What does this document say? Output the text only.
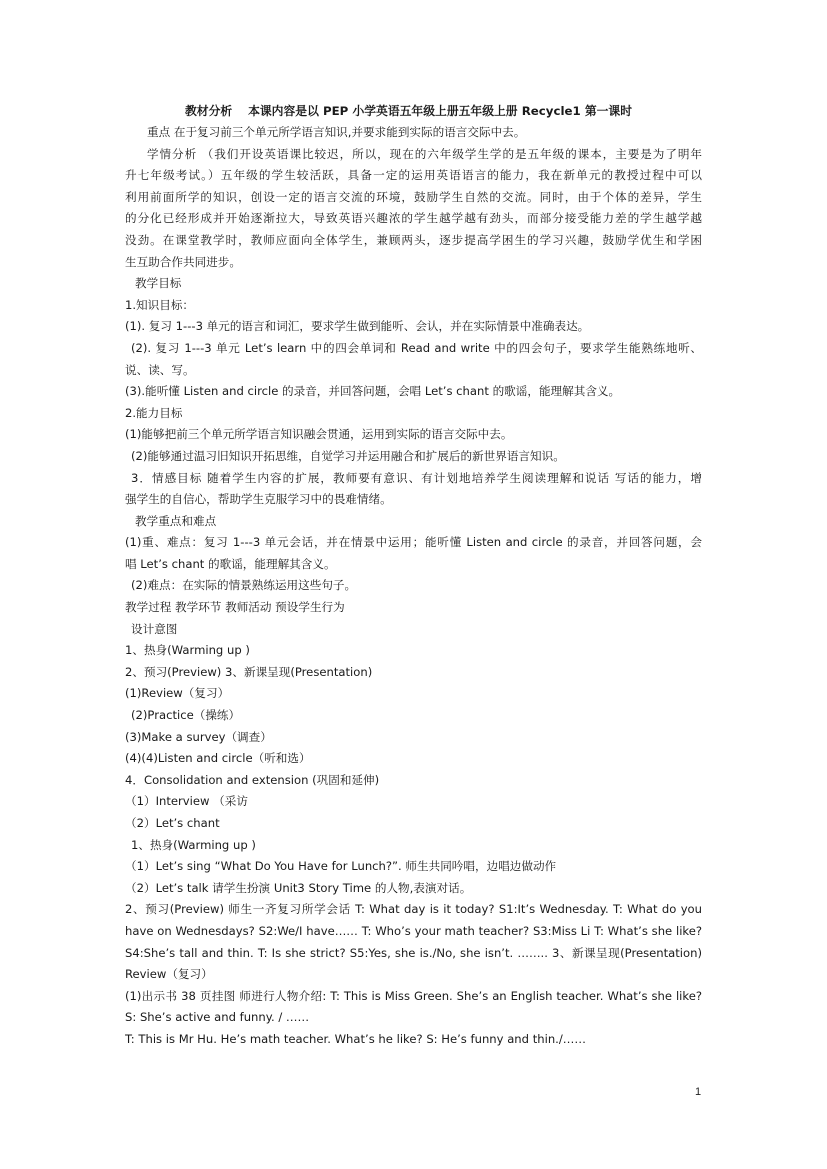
教材分析　 本课内容是以 PEP 小学英语五年级上册五年级上册 Recycle1 第一课时
重点 在于复习前三个单元所学语言知识,并要求能到实际的语言交际中去。
学情分析 （我们开设英语课比较迟，所以，现在的六年级学生学的是五年级的课本，主要是为了明年
升七年级考试。）五年级的学生较活跃，具备一定的运用英语语言的能力，我在新单元的教授过程中可以
利用前面所学的知识，创设一定的语言交流的环境，鼓励学生自然的交流。同时，由于个体的差异，学生
的分化已经形成并开始逐渐拉大，导致英语兴趣浓的学生越学越有劲头，而部分接受能力差的学生越学越
没劲。在课堂教学时，教师应面向全体学生，兼顾两头，逐步提高学困生的学习兴趣，鼓励学优生和学困
生互助合作共同进步。
教学目标
1.知识目标：
(1). 复习 1---3 单元的语言和词汇，要求学生做到能听、会认，并在实际情景中准确表达。
(2). 复习 1---3 单元 Let’s learn 中的四会单词和 Read and write 中的四会句子，要求学生能熟练地听、
说、读、写。
(3).能听懂 Listen and circle 的录音，并回答问题，会唱 Let’s chant 的歌谣，能理解其含义。
2.能力目标
(1)能够把前三个单元所学语言知识融会贯通，运用到实际的语言交际中去。
(2)能够通过温习旧知识开拓思维，自觉学习并运用融合和扩展后的新世界语言知识。
3．情感目标 随着学生内容的扩展，教师要有意识、有计划地培养学生阅读理解和说话 写话的能力，增
强学生的自信心，帮助学生克服学习中的畏难情绪。
教学重点和难点
(1)重、难点：复习 1---3 单元会话，并在情景中运用；能听懂 Listen and circle 的录音，并回答问题，会
唱 Let’s chant 的歌谣，能理解其含义。
(2)难点：在实际的情景熟练运用这些句子。
教学过程 教学环节 教师活动 预设学生行为
设计意图
1、热身(Warming up )
2、预习(Preview) 3、新课呈现(Presentation)
(1)Review（复习）
(2)Practice（操练）
(3)Make a survey（调查）
(4)(4)Listen and circle（听和选）
4．Consolidation and extension (巩固和延伸)
（1）Interview （采访
（2）Let’s chant
1、热身(Warming up )
（1）Let’s sing “What Do You Have for Lunch?”. 师生共同吟唱，边唱边做动作
（2）Let’s talk 请学生扮演 Unit3 Story Time 的人物,表演对话。
2、预习(Preview) 师生一齐复习所学会话 T: What day is it today? S1:It’s Wednesday. T: What do you
have on Wednesdays? S2:We/I have…… T: Who’s your math teacher? S3:Miss Li T: What’s she like?
S4:She’s tall and thin. T: Is she strict? S5:Yes, she is./No, she isn’t. …….. 3、新课呈现(Presentation)
Review（复习）
(1)出示书 38 页挂图 师进行人物介绍: T: This is Miss Green. She’s an English teacher. What’s she like?
S: She’s active and funny. / ……
T: This is Mr Hu. He’s math teacher. What’s he like? S: He’s funny and thin./……
1
